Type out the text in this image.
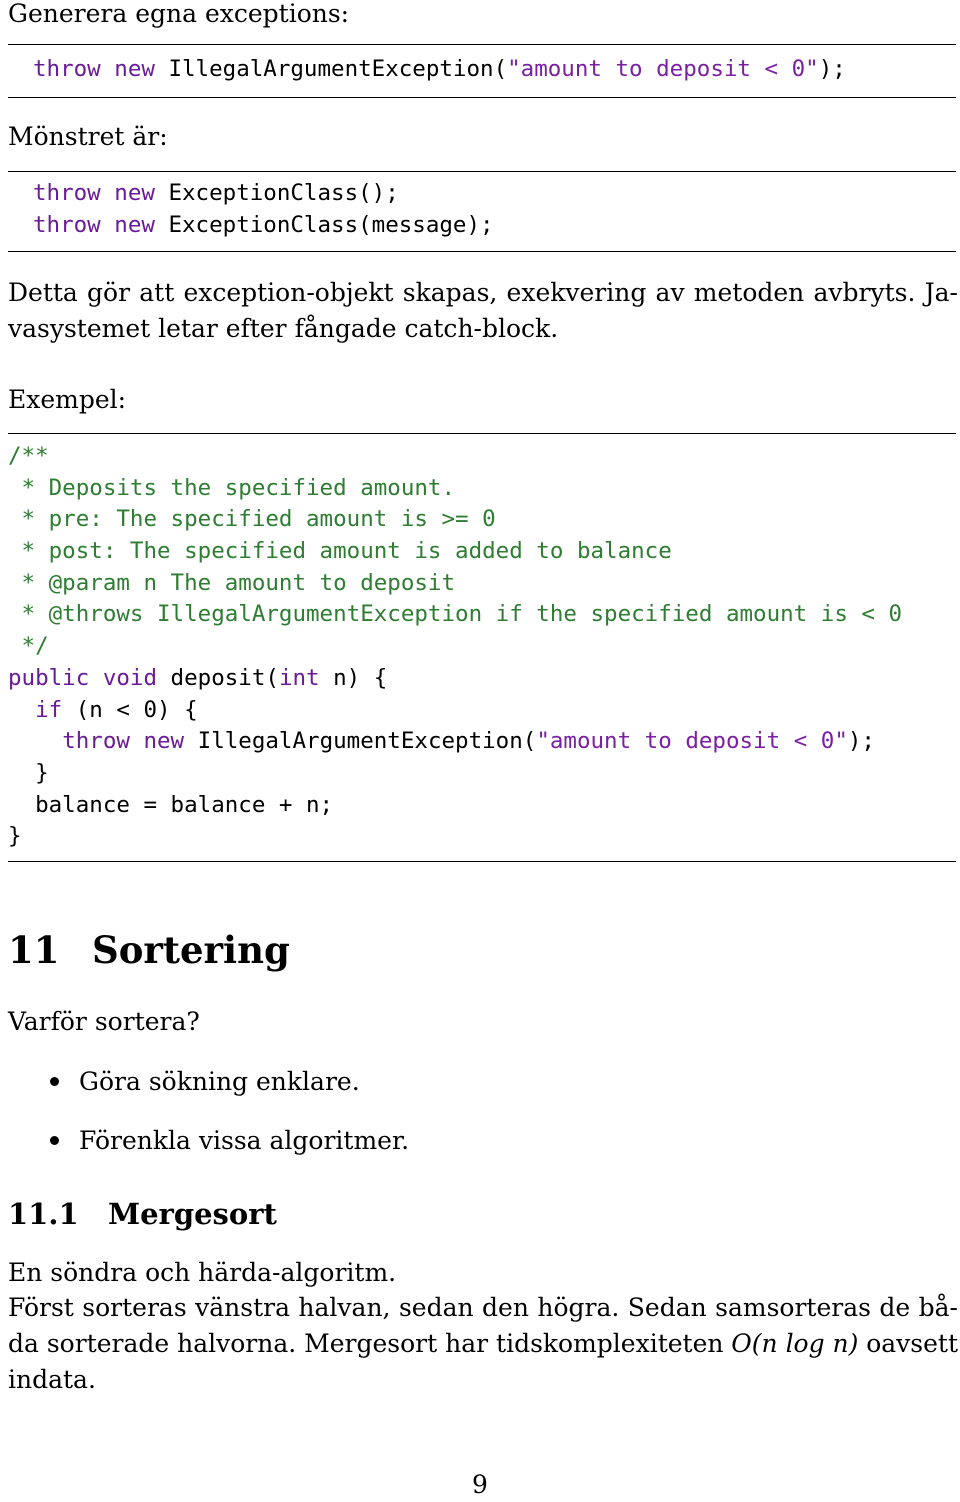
Generera egna exceptions:
throw new IllegalArgumentException("amount to deposit < 0");
Mönstret är:
throw new ExceptionClass();
throw new ExceptionClass(message);
Detta gör att exception-objekt skapas, exekvering av metoden avbryts. Ja-
vasystemet letar efter fångade catch-block.
Exempel:
/**
* Deposits the specified amount.
* pre: The specified amount is >= 0
* post: The specified amount is added to balance
* @param n The amount to deposit
* @throws IllegalArgumentException if the specified amount is < 0
*/
public void deposit(int n) {
if (n < 0) {
throw new IllegalArgumentException("amount to deposit < 0");
}
balance = balance + n;
}
11 Sortering
Varför sortera?
Göra sökning enklare.
Förenkla vissa algoritmer.
11.1 Mergesort
En söndra och härda-algoritm.
Först sorteras vänstra halvan, sedan den högra. Sedan samsorteras de bå-
da sorterade halvorna. Mergesort har tidskomplexiteten O(n log n) oavsett
indata.
9
